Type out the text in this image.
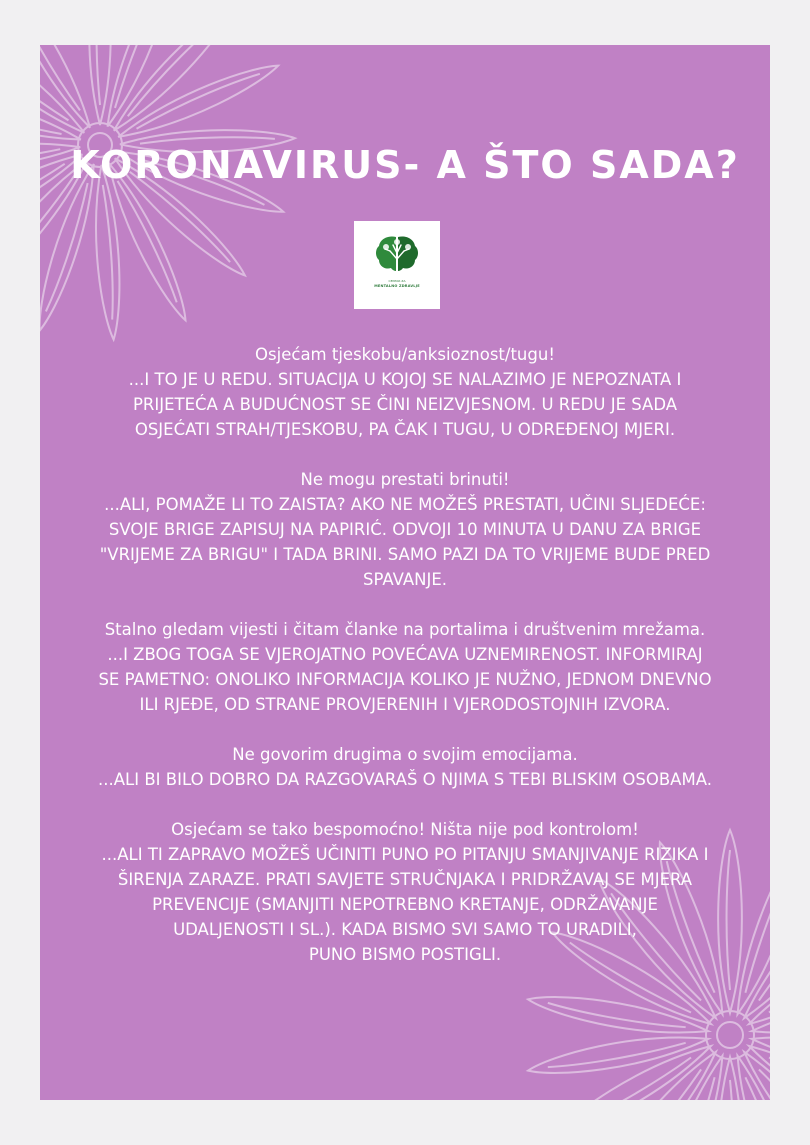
KORONAVIRUS- A ŠTO SADA?
CENTAR ZA
MENTALNO ZDRAVLJE
Osjećam tjeskobu/anksioznost/tugu!
...I TO JE U REDU. SITUACIJA U KOJOJ SE NALAZIMO JE NEPOZNATA I
PRIJETEĆA A BUDUĆNOST SE ČINI NEIZVJESNOM. U REDU JE SADA
OSJEĆATI STRAH/TJESKOBU, PA ČAK I TUGU, U ODREĐENOJ MJERI.
Ne mogu prestati brinuti!
...ALI, POMAŽE LI TO ZAISTA? AKO NE MOŽEŠ PRESTATI, UČINI SLJEDEĆE:
SVOJE BRIGE ZAPISUJ NA PAPIRIĆ. ODVOJI 10 MINUTA U DANU ZA BRIGE
"VRIJEME ZA BRIGU" I TADA BRINI. SAMO PAZI DA TO VRIJEME BUDE PRED
SPAVANJE.
Stalno gledam vijesti i čitam članke na portalima i društvenim mrežama.
...I ZBOG TOGA SE VJEROJATNO POVEĆAVA UZNEMIRENOST. INFORMIRAJ
SE PAMETNO: ONOLIKO INFORMACIJA KOLIKO JE NUŽNO, JEDNOM DNEVNO
ILI RJEĐE, OD STRANE PROVJERENIH I VJERODOSTOJNIH IZVORA.
Ne govorim drugima o svojim emocijama.
...ALI BI BILO DOBRO DA RAZGOVARAŠ O NJIMA S TEBI BLISKIM OSOBAMA.
Osjećam se tako bespomoćno! Ništa nije pod kontrolom!
...ALI TI ZAPRAVO MOŽEŠ UČINITI PUNO PO PITANJU SMANJIVANJE RIZIKA I
ŠIRENJA ZARAZE. PRATI SAVJETE STRUČNJAKA I PRIDRŽAVAJ SE MJERA
PREVENCIJE (SMANJITI NEPOTREBNO KRETANJE, ODRŽAVANJE
UDALJENOSTI I SL.). KADA BISMO SVI SAMO TO URADILI,
PUNO BISMO POSTIGLI.
